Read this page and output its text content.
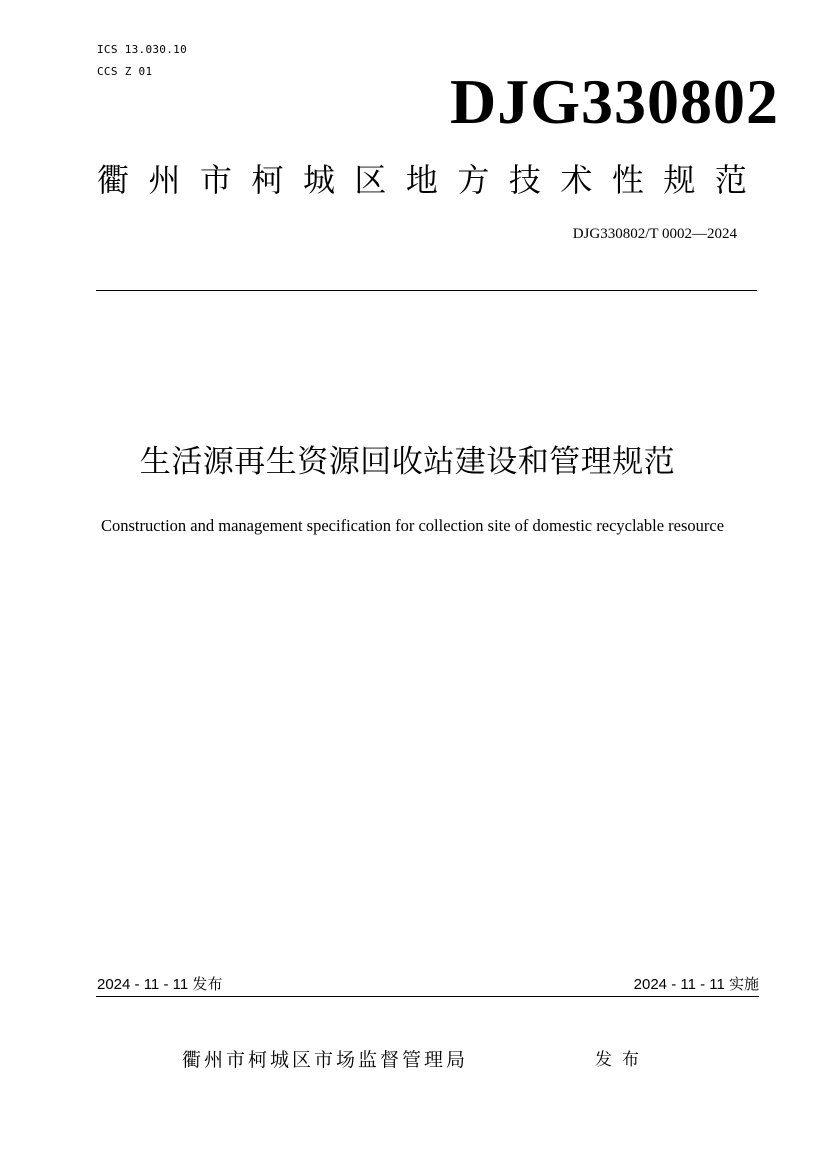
ICS 13.030.10
CCS Z 01	DJG330802
衢 州 市 柯 城 区 地 方 技 术 性 规 范
DJG330802/T 0002—2024
生活源再生资源回收站建设和管理规范
Construction and management specification for collection site of domestic recyclable resource
2024 - 11 - 11 发布	2024 - 11 - 11 实施
衢州市柯城区市场监督管理局	发布
